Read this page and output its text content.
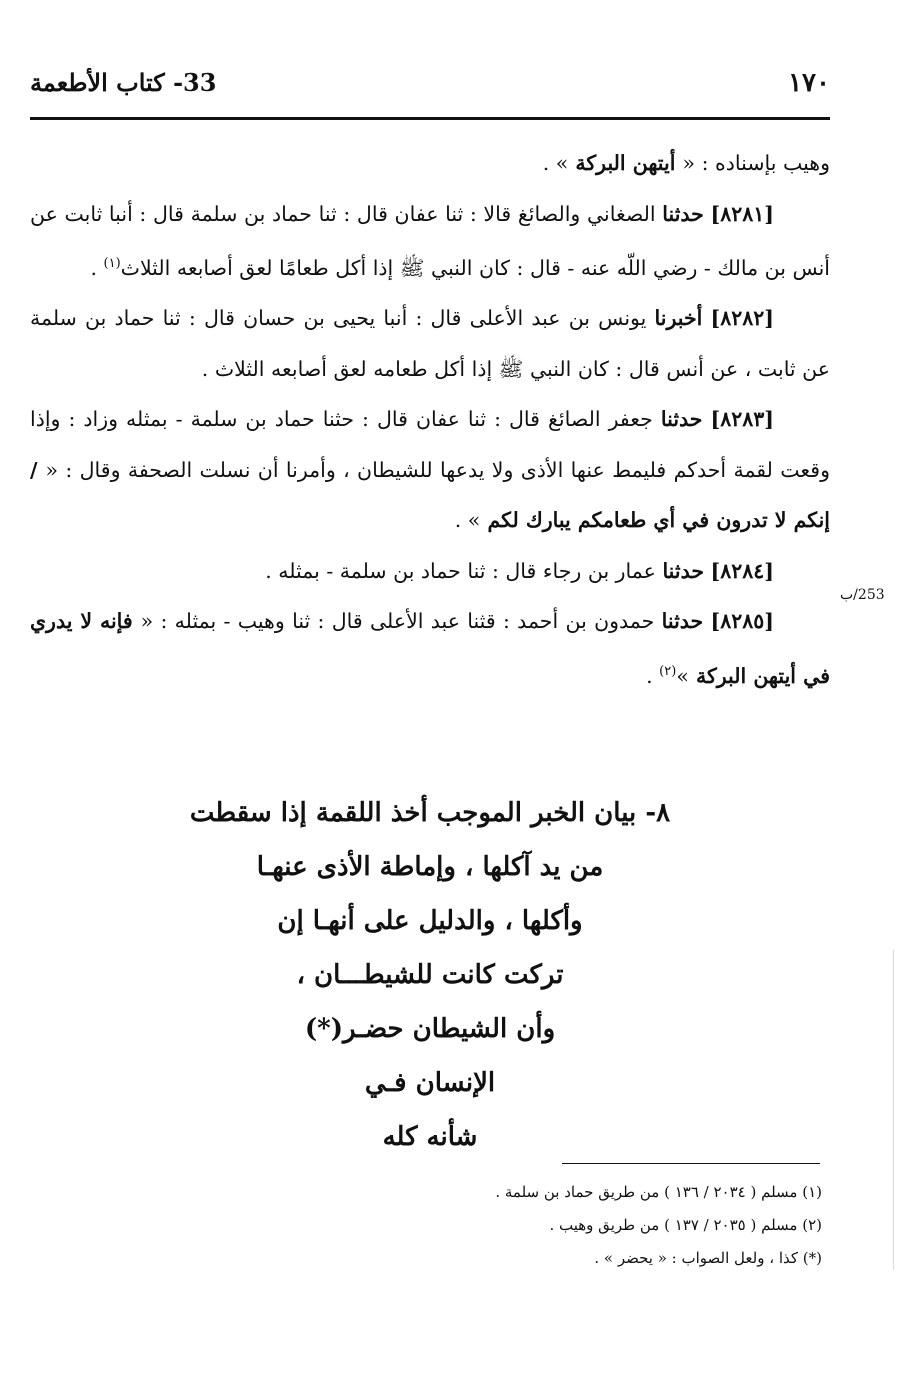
١٧٠
33- كتاب الأطعمة

وهيب بإسناده : « أيتهن البركة » .

[٨٢٨١] حدثنا الصغاني والصائغ قالا : ثنا عفان قال : ثنا حماد بن سلمة قال : أنبا ثابت عن أنس بن مالك - رضي اللّه عنه - قال : كان النبي ﷺ إذا أكل طعامًا لعق أصابعه الثلاث$^{(١)}$ .

[٨٢٨٢] أخبرنا يونس بن عبد الأعلى قال : أنبا يحيى بن حسان قال : ثنا حماد بن سلمة عن ثابت ، عن أنس قال : كان النبي ﷺ إذا أكل طعامه لعق أصابعه الثلاث .

[٨٢٨٣] حدثنا جعفر الصائغ قال : ثنا عفان قال : حثنا حماد بن سلمة - بمثله وزاد : وإذا وقعت لقمة أحدكم فليمط عنها الأذى ولا يدعها للشيطان ، وأمرنا أن نسلت الصحفة وقال : « / إنكم لا تدرون في أي طعامكم يبارك لكم » .

[٨٢٨٤] حدثنا عمار بن رجاء قال : ثنا حماد بن سلمة - بمثله .

[٨٢٨٥] حدثنا حمدون بن أحمد : قثنا عبد الأعلى قال : ثنا وهيب - بمثله : « فإنه لا يدري في أيتهن البركة »$^{(٢)}$ .

253/ب
٨- بيان الخبر الموجب أخذ اللقمة إذا سقطت
من يد آكلها ، وإماطة الأذى عنهـا
وأكلها ، والدليل على أنهـا إن
تركت كانت للشيطـــان ،
وأن الشيطان حضـر(*)
الإنسان فـي
شأنه كله
(١) مسلم ( ٢٠٣٤ / ١٣٦ ) من طريق حماد بن سلمة .
(٢) مسلم ( ٢٠٣٥ / ١٣٧ ) من طريق وهيب .
(*) كذا ، ولعل الصواب : « يحضر » .
